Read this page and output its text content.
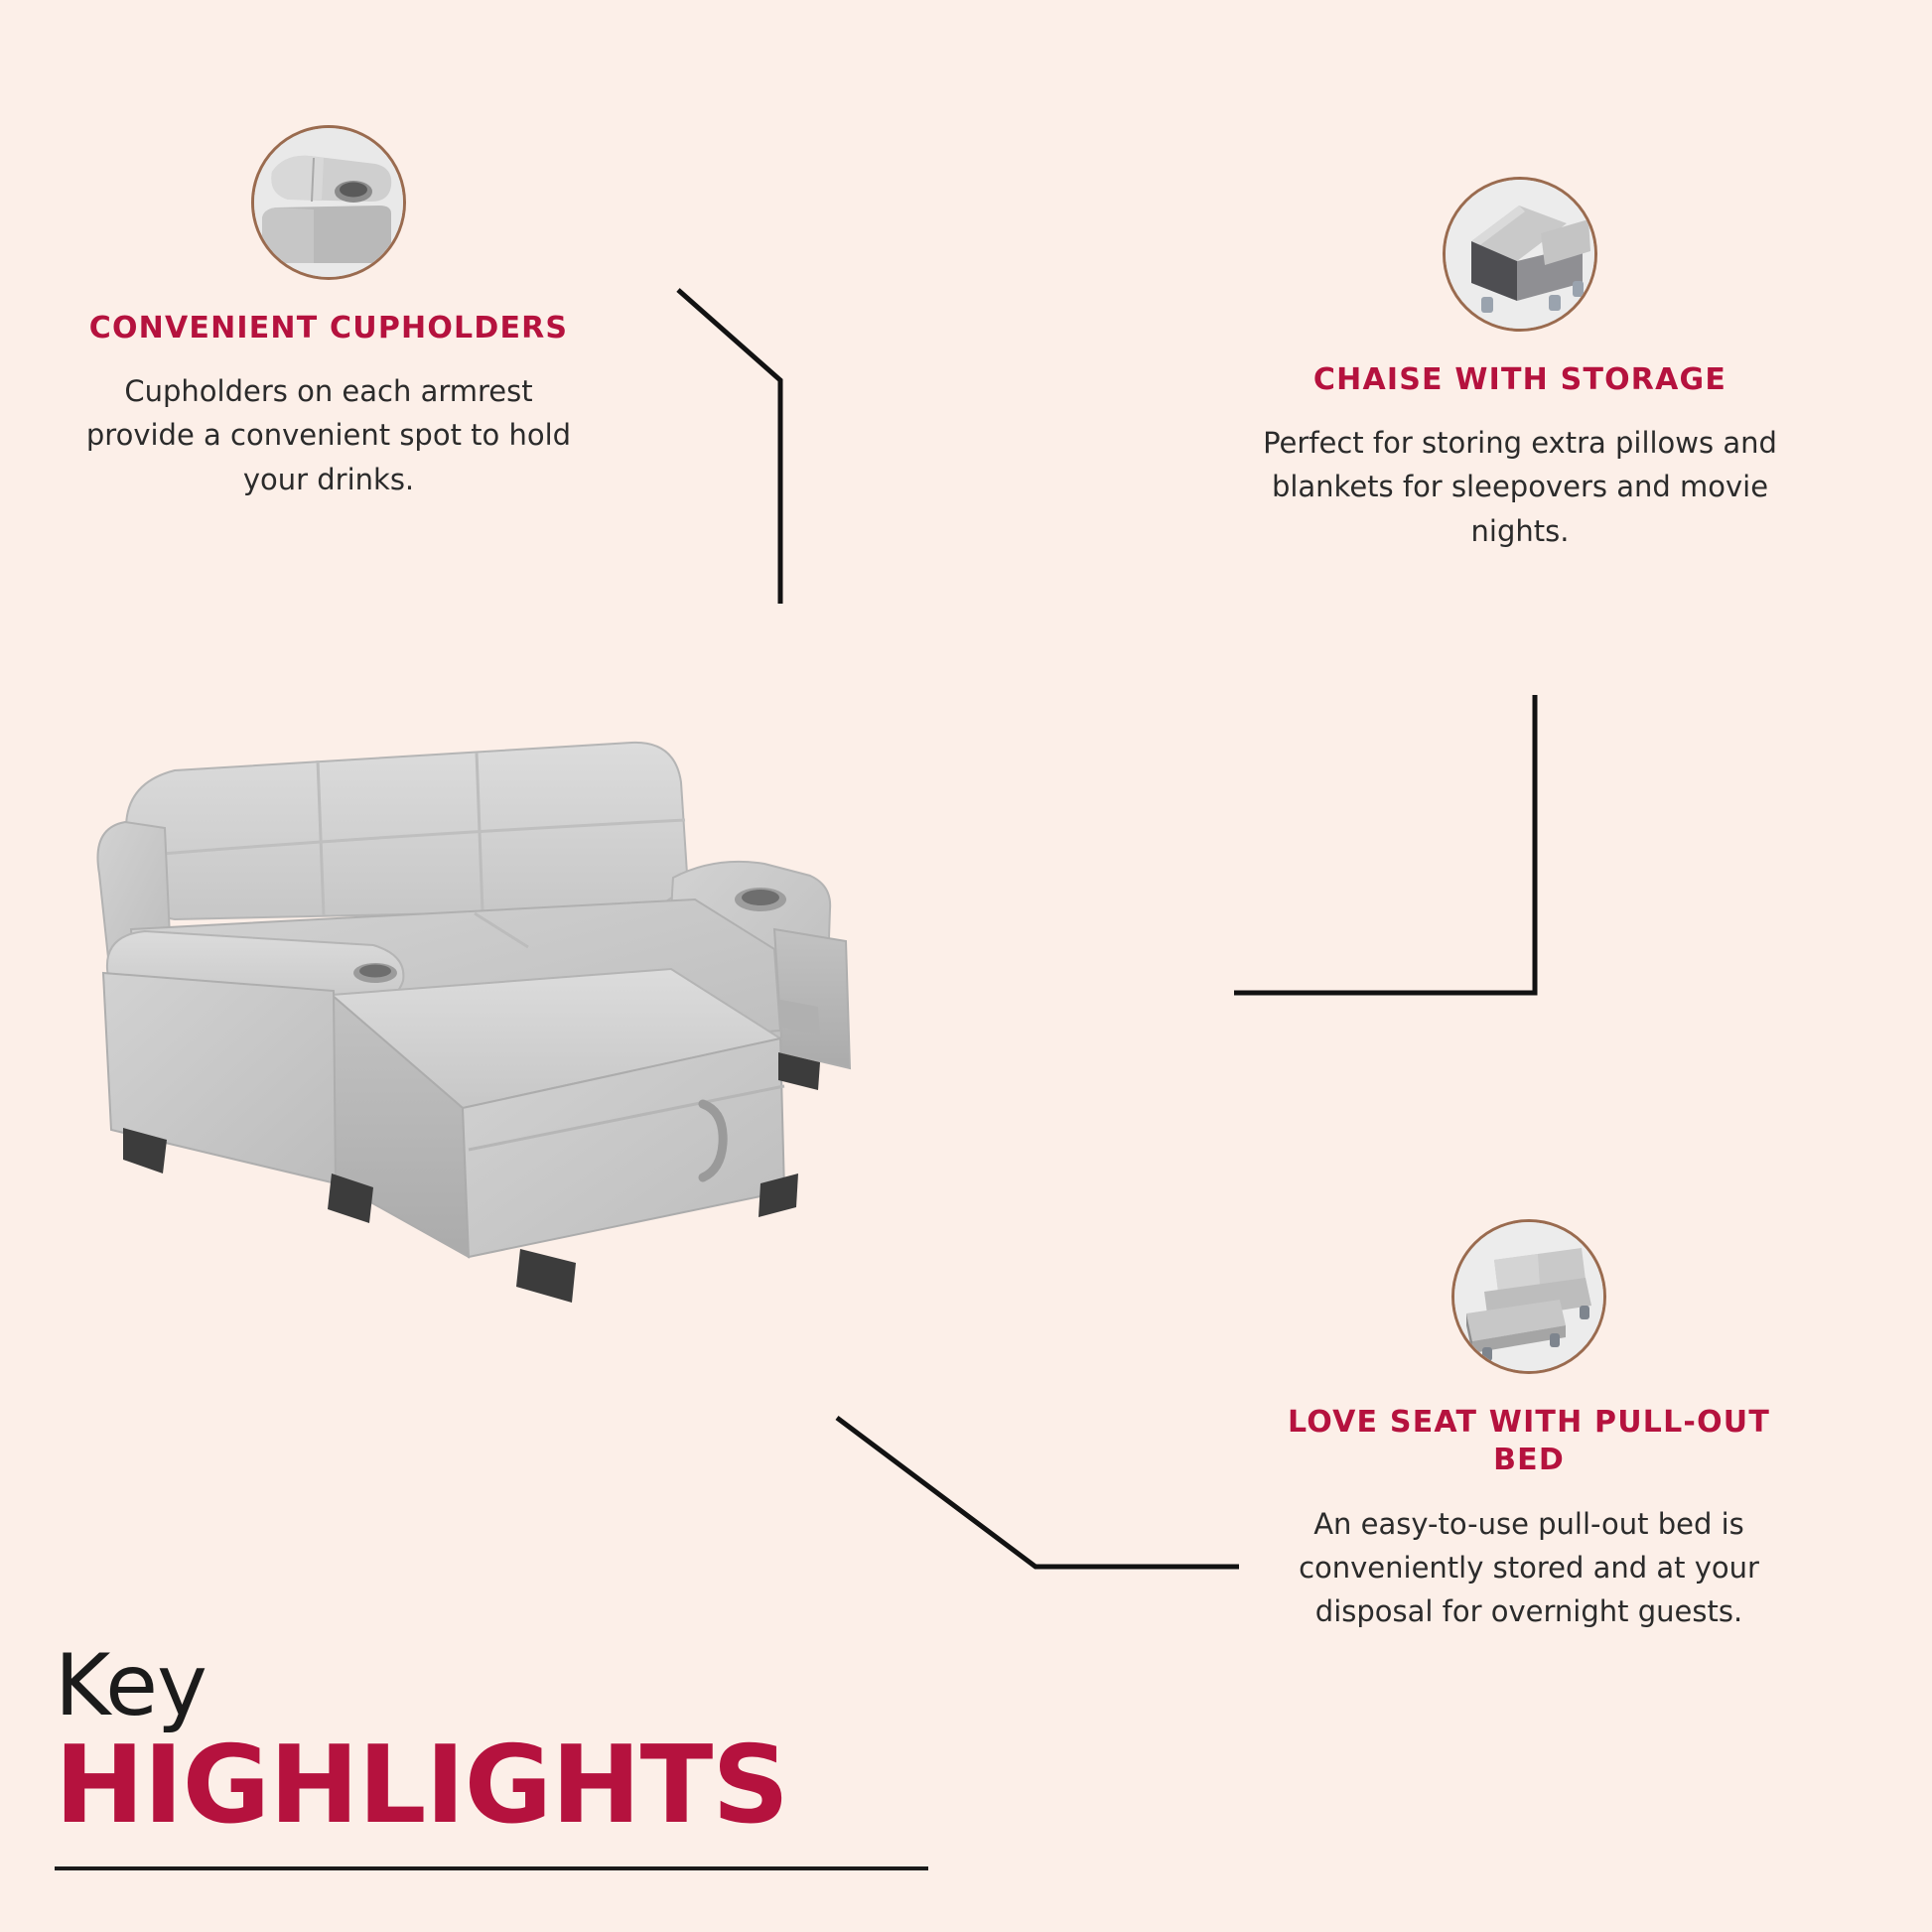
CONVENIENT CUPHOLDERS
Cupholders on each armrest provide a convenient spot to hold your drinks.
CHAISE WITH STORAGE
Perfect for storing extra pillows and blankets for sleepovers and movie nights.
LOVE SEAT WITH PULL-OUT BED
An easy-to-use pull-out bed is conveniently stored and at your disposal for overnight guests.
Key
HIGHLIGHTS
